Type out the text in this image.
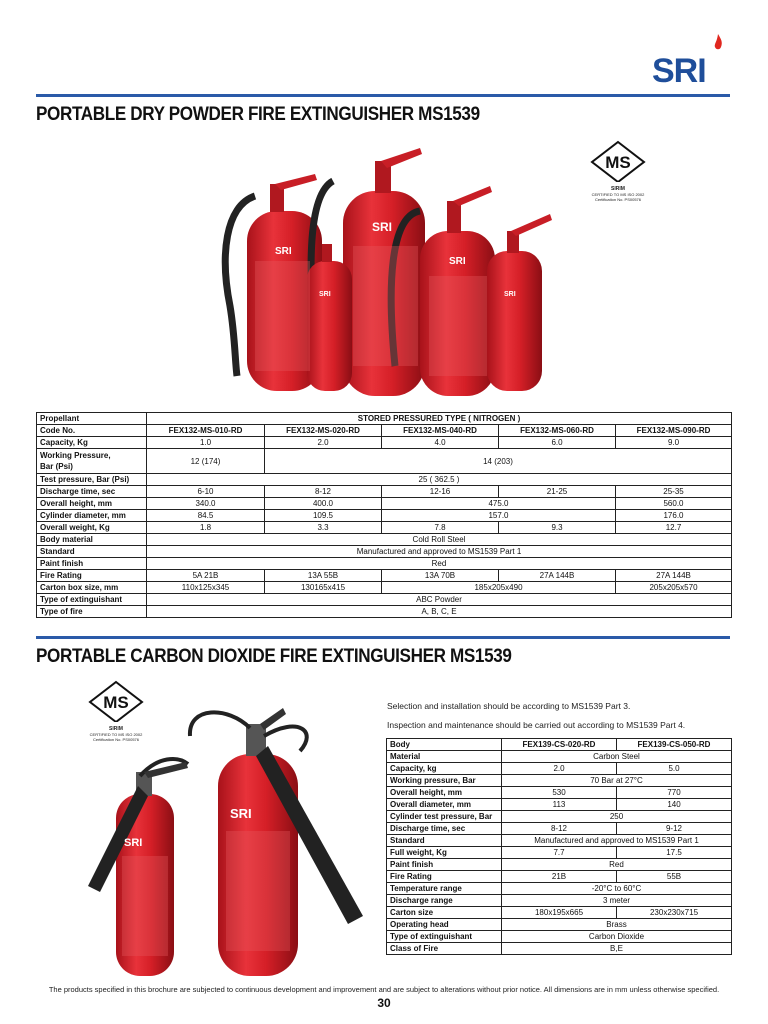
SRI
PORTABLE DRY POWDER FIRE EXTINGUISHER MS1539
MS
SIRIM
CERTIFIED TO MS ISO 2002
Certification No. PS00576
SRI
SRI
SRI
SRI	SRI
Propellant	STORED PRESSURED TYPE ( NITROGEN )				
Code No.	FEX132-MS-010-RD	FEX132-MS-020-RD	FEX132-MS-040-RD	FEX132-MS-060-RD	FEX132-MS-090-RD
Capacity, Kg	1.0	2.0	4.0	6.0	9.0
Working Pressure,
Bar (Psi)	12 (174)	14 (203)			
Test pressure, Bar (Psi)	25 ( 362.5 )				
Discharge time, sec	6-10	8-12	12-16	21-25	25-35
Overall height, mm	340.0	400.0	475.0		560.0
Cylinder diameter, mm	84.5	109.5	157.0		176.0
Overall weight, Kg	1.8	3.3	7.8	9.3	12.7
Body material	Cold Roll Steel				
Standard	Manufactured and approved to MS1539 Part 1				
Paint finish	Red				
Fire Rating	5A 21B	13A 55B	13A 70B	27A 144B	27A 144B
Carton box size, mm	110x125x345	130165x415	185x205x490		205x205x570
Type of extinguishant	ABC Powder				
Type of fire	A, B, C, E				
PORTABLE CARBON DIOXIDE FIRE EXTINGUISHER MS1539
MS
SIRIM
CERTIFIED TO MS ISO 2002
Certification No. PS00576
SRI
SRI
Selection and installation should be according to MS1539 Part 3.
Inspection and maintenance should be carried out according to MS1539 Part 4.
Body	FEX139-CS-020-RD	FEX139-CS-050-RD
Material	Carbon Steel	
Capacity, kg	2.0	5.0
Working pressure, Bar	70 Bar at 27°C	
Overall height, mm	530	770
Overall diameter, mm	113	140
Cylinder test pressure, Bar	250	
Discharge time, sec	8-12	9-12
Standard	Manufactured and approved to MS1539 Part 1	
Full weight, Kg	7.7	17.5
Paint finish	Red	
Fire Rating	21B	55B
Temperature range	-20°C to 60°C	
Discharge range	3 meter	
Carton size	180x195x665	230x230x715
Operating head	Brass	
Type of extinguishant	Carbon Dioxide	
Class of Fire	B,E	
The products specified in this brochure are subjected to continuous development and improvement and are subject to alterations without prior notice. All dimensions are in mm unless otherwise specified.
30
